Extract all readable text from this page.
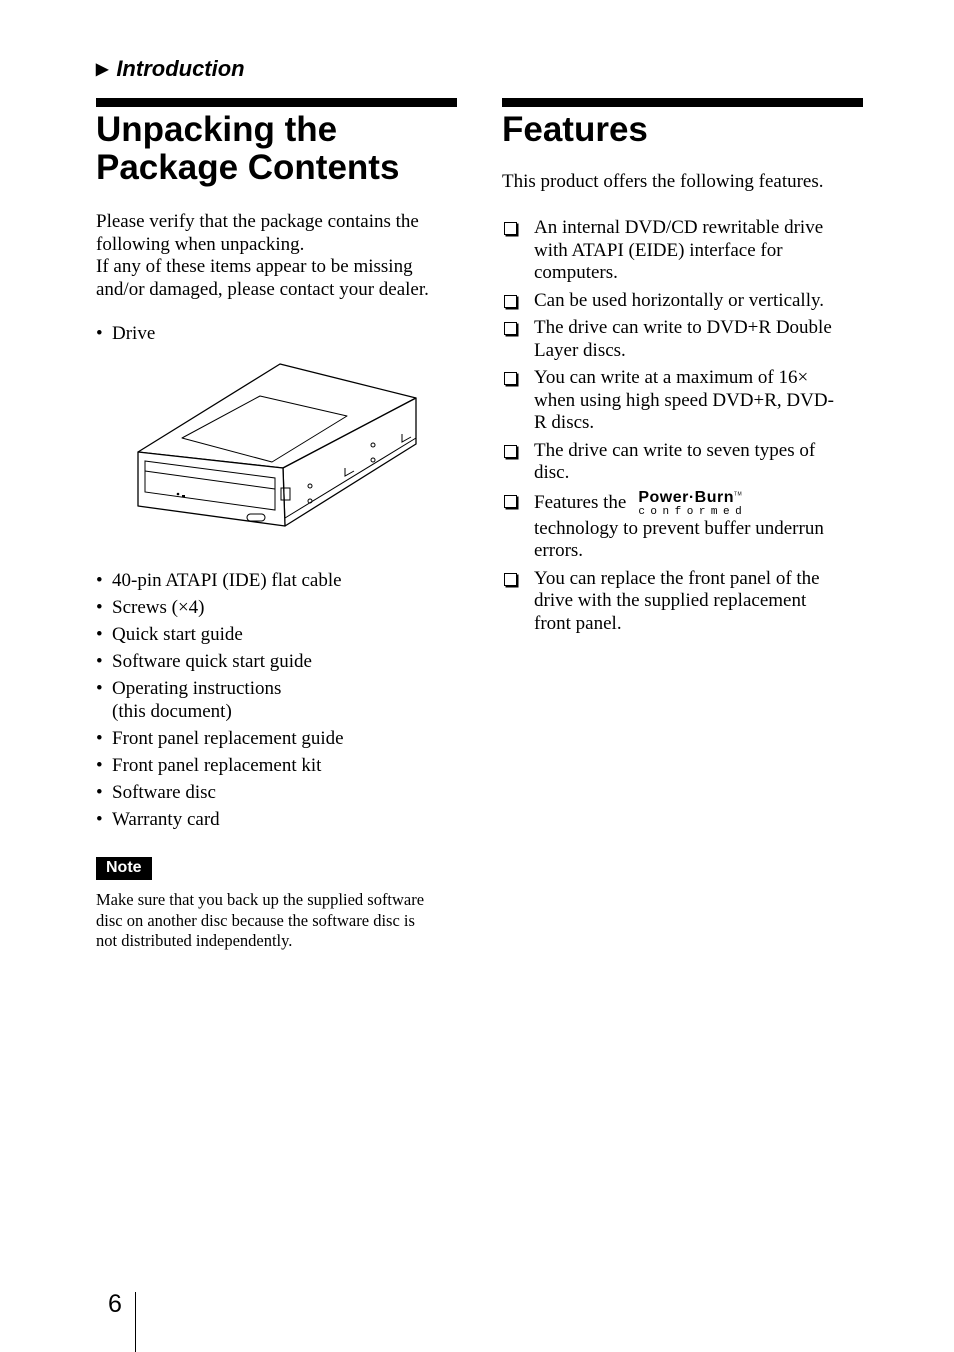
▶ Introduction
Unpacking the
Package Contents

Please verify that the package contains the
following when unpacking.
If any of these items appear to be missing
and/or damaged, please contact your dealer.

• Drive
• 40-pin ATAPI (IDE) flat cable
• Screws (×4)
• Quick start guide
• Software quick start guide
• Operating instructions
(this document)
• Front panel replacement guide
• Front panel replacement kit
• Software disc
• Warranty card
Note

Make sure that you back up the supplied software
disc on another disc because the software disc is
not distributed independently.

Features

This product offers the following features.

An internal DVD/CD rewritable drive
with ATAPI (EIDE) interface for
computers.
Can be used horizontally or vertically.
The drive can write to DVD+R Double
Layer discs.
You can write at a maximum of 16×
when using high speed DVD+R, DVD-
R discs.
The drive can write to seven types of
disc.
Features the Power·Burn™
conformed

technology to prevent buffer underrun
errors.
You can replace the front panel of the
drive with the supplied replacement
front panel.
6
